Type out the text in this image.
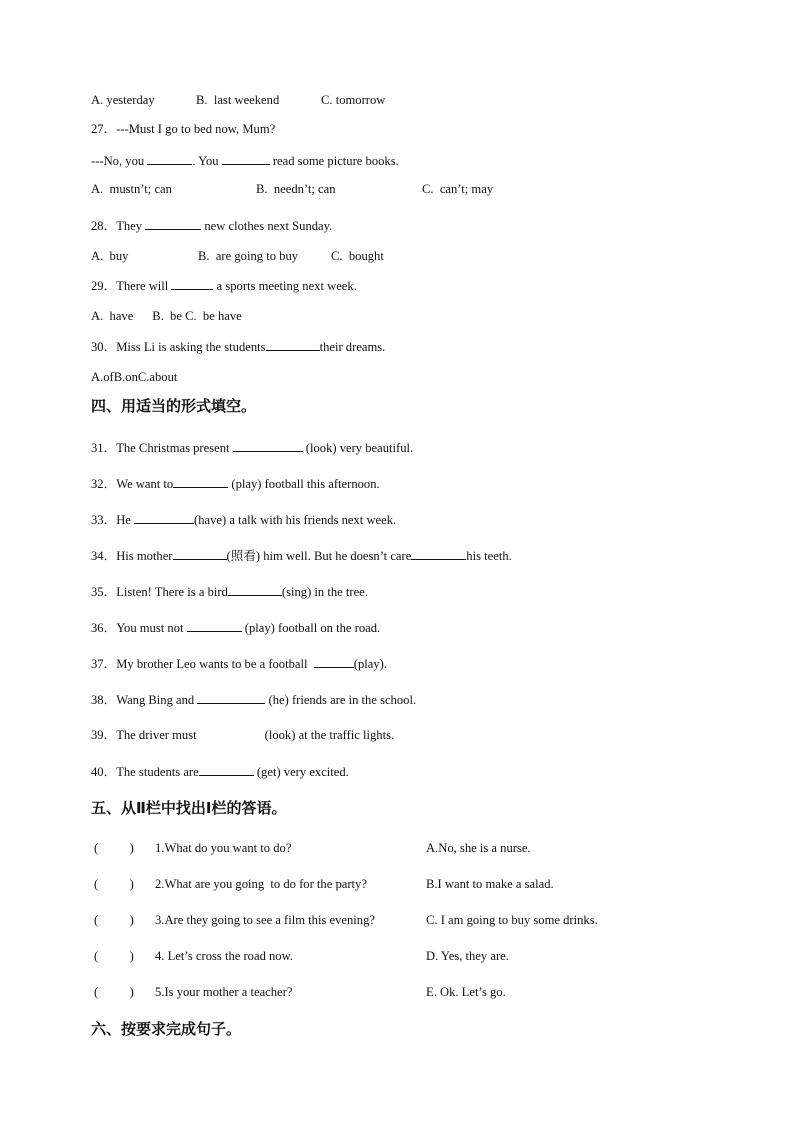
A. yesterday	B.  last weekend	C. tomorrow
27．---Must I go to bed now, Mum?
---No, you	. You	read some picture books.
A.  mustn’t; can	B.  needn’t; can	C.  can’t; may
28．They	new clothes next Sunday.
A.  buy	B.  are going to buy	C.  bought
29．There will	a sports meeting next week.
A.  have      B.  be C.  be have
30．Miss Li is asking the students	their dreams.
A.ofB.onC.about
四、用适当的形式填空。
31．The Christmas present	(look) very beautiful.
32．We want to	(play) football this afternoon.
33．He	(have) a talk with his friends next week.
34．His mother	(照看) him well. But he doesn’t care	his teeth.
35．Listen! There is a bird	(sing) in the tree.
36．You must not	(play) football on the road.
37．My brother Leo wants to be a football	(play).
38．Wang Bing and	(he) friends are in the school.
39．The driver must	(look) at the traffic lights.
40．The students are	(get) very excited.
五、从Ⅱ栏中找出Ⅰ栏的答语。
(          ) 1.What do you want to do?	A.No, she is a nurse.
(          ) 2.What are you going  to do for the party?	B.I want to make a salad.
(          ) 3.Are they going to see a film this evening?	C. I am going to buy some drinks.
(          ) 4. Let’s cross the road now.	D. Yes, they are.
(          ) 5.Is your mother a teacher?	E. Ok. Let’s go.
六、按要求完成句子。
